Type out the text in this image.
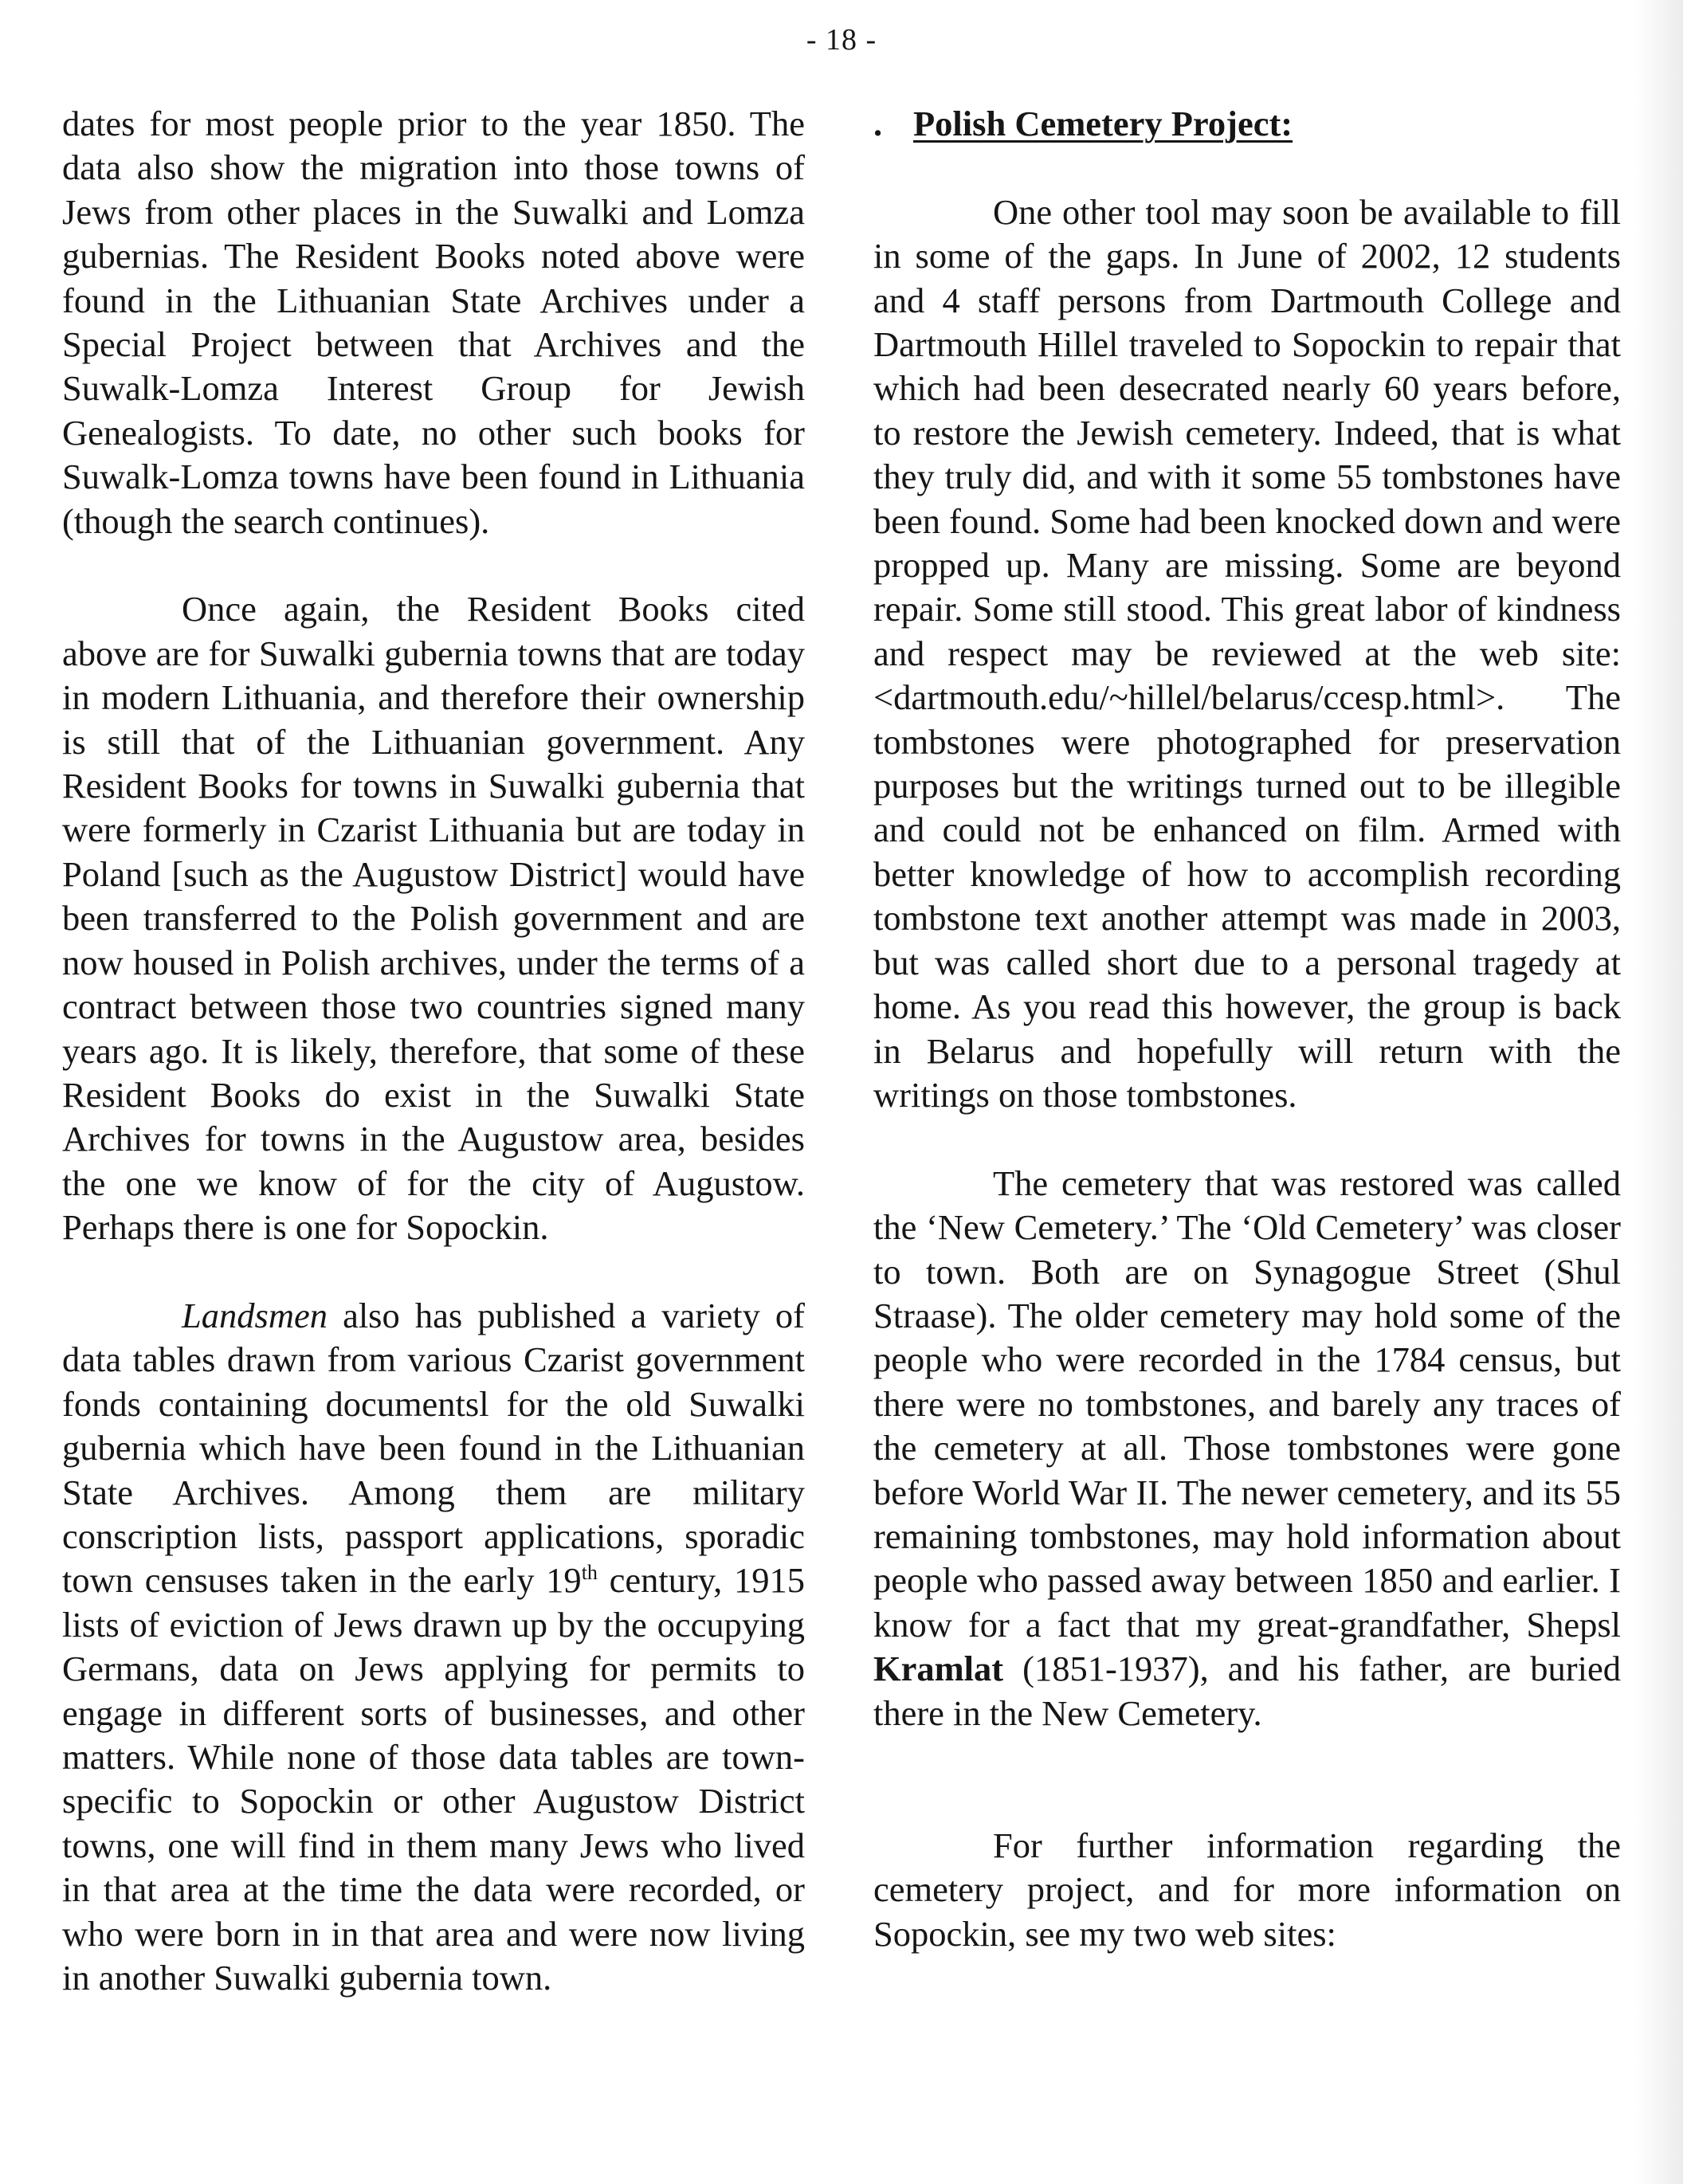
- 18 -

dates for most people prior to the year 1850. The data also show the migration into those towns of Jews from other places in the Suwalki and Lomza gubernias. The Resident Books noted above were found in the Lithuanian State Archives under a Special Project between that Archives and the Suwalk-Lomza Interest Group for Jewish Genealogists. To date, no other such books for Suwalk-Lomza towns have been found in Lithuania (though the search continues).

Once again, the Resident Books cited above are for Suwalki gubernia towns that are today in modern Lithuania, and therefore their ownership is still that of the Lithuanian government. Any Resident Books for towns in Suwalki gubernia that were formerly in Czarist Lithuania but are today in Poland [such as the Augustow District] would have been transferred to the Polish government and are now housed in Polish archives, under the terms of a contract between those two countries signed many years ago. It is likely, therefore, that some of these Resident Books do exist in the Suwalki State Archives for towns in the Augustow area, besides the one we know of for the city of Augustow. Perhaps there is one for Sopockin.

Landsmen also has published a variety of data tables drawn from various Czarist government fonds containing documentsl for the old Suwalki gubernia which have been found in the Lithuanian State Archives. Among them are military conscription lists, passport applications, sporadic town censuses taken in the early 19th century, 1915 lists of eviction of Jews drawn up by the occupying Germans, data on Jews applying for permits to engage in different sorts of businesses, and other matters. While none of those data tables are town- specific to Sopockin or other Augustow District towns, one will find in them many Jews who lived in that area at the time the data were recorded, or who were born in in that area and were now living in another Suwalki gubernia town.

. Polish Cemetery Project:

One other tool may soon be available to fill in some of the gaps. In June of 2002, 12 students and 4 staff persons from Dartmouth College and Dartmouth Hillel traveled to Sopockin to repair that which had been desecrated nearly 60 years before, to restore the Jewish cemetery. Indeed, that is what they truly did, and with it some 55 tombstones have been found. Some had been knocked down and were propped up. Many are missing. Some are beyond repair. Some still stood. This great labor of kindness and respect may be reviewed at the web site: <dartmouth.edu/~hillel/belarus/ccesp.html>. The tombstones were photographed for preservation purposes but the writings turned out to be illegible and could not be enhanced on film. Armed with better knowledge of how to accomplish recording tombstone text another attempt was made in 2003, but was called short due to a personal tragedy at home. As you read this however, the group is back in Belarus and hopefully will return with the writings on those tombstones.

The cemetery that was restored was called the ‘New Cemetery.’ The ‘Old Cemetery’ was closer to town. Both are on Synagogue Street (Shul Straase). The older cemetery may hold some of the people who were recorded in the 1784 census, but there were no tombstones, and barely any traces of the cemetery at all. Those tombstones were gone before World War II. The newer cemetery, and its 55 remaining tombstones, may hold information about people who passed away between 1850 and earlier. I know for a fact that my great-grandfather, Shepsl Kramlat (1851-1937), and his father, are buried there in the New Cemetery.

For further information regarding the cemetery project, and for more information on Sopockin, see my two web sites:
